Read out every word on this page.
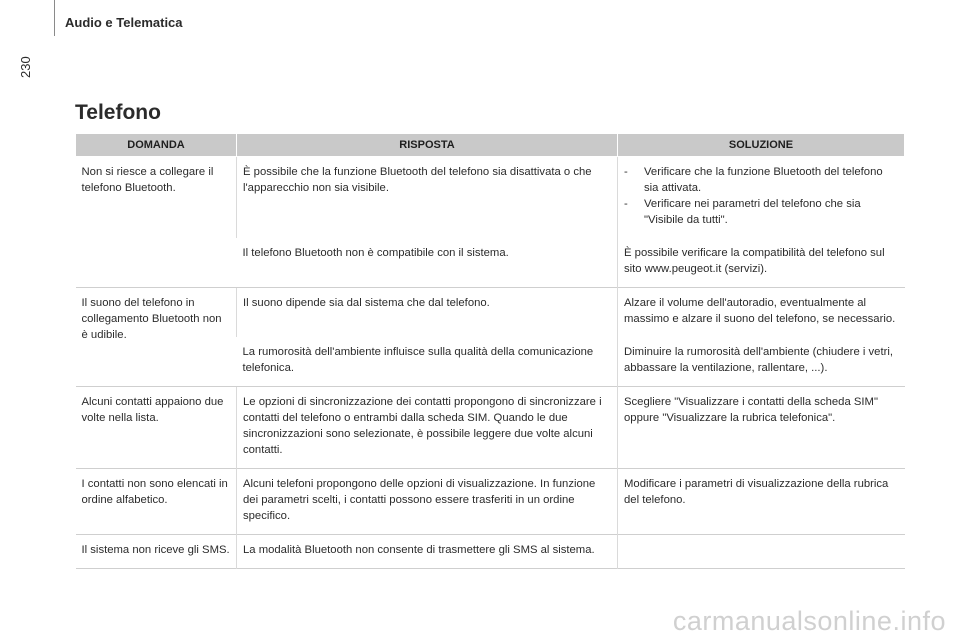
Audio e Telematica
230
Telefono
DOMANDA	RISPOSTA	SOLUZIONE
Non si riesce a collegare il telefono Bluetooth.	È possibile che la funzione Bluetooth del telefono sia disattivata o che l'apparecchio non sia visibile.	- Verificare che la funzione Bluetooth del telefono sia attivata.
- Verificare nei parametri del telefono che sia "Visibile da tutti".

	Il telefono Bluetooth non è compatibile con il sistema.	È possibile verificare la compatibilità del telefono sul sito www.peugeot.it (servizi).
Il suono del telefono in collegamento Bluetooth non è udibile.	Il suono dipende sia dal sistema che dal telefono.	Alzare il volume dell'autoradio, eventualmente al massimo e alzare il suono del telefono, se necessario.
	La rumorosità dell'ambiente influisce sulla qualità della comunicazione telefonica.	Diminuire la rumorosità dell'ambiente (chiudere i vetri, abbassare la ventilazione, rallentare, ...).
Alcuni contatti appaiono due volte nella lista.	Le opzioni di sincronizzazione dei contatti propongono di sincronizzare i contatti del telefono o entrambi dalla scheda SIM. Quando le due sincronizzazioni sono selezionate, è possibile leggere due volte alcuni contatti.	Scegliere "Visualizzare i contatti della scheda SIM" oppure "Visualizzare la rubrica telefonica".
I contatti non sono elencati in ordine alfabetico.	Alcuni telefoni propongono delle opzioni di visualizzazione. In funzione dei parametri scelti, i contatti possono essere trasferiti in un ordine specifico.	Modificare i parametri di visualizzazione della rubrica del telefono.
Il sistema non riceve gli SMS.	La modalità Bluetooth non consente di trasmettere gli SMS al sistema.	
carmanualsonline.info
